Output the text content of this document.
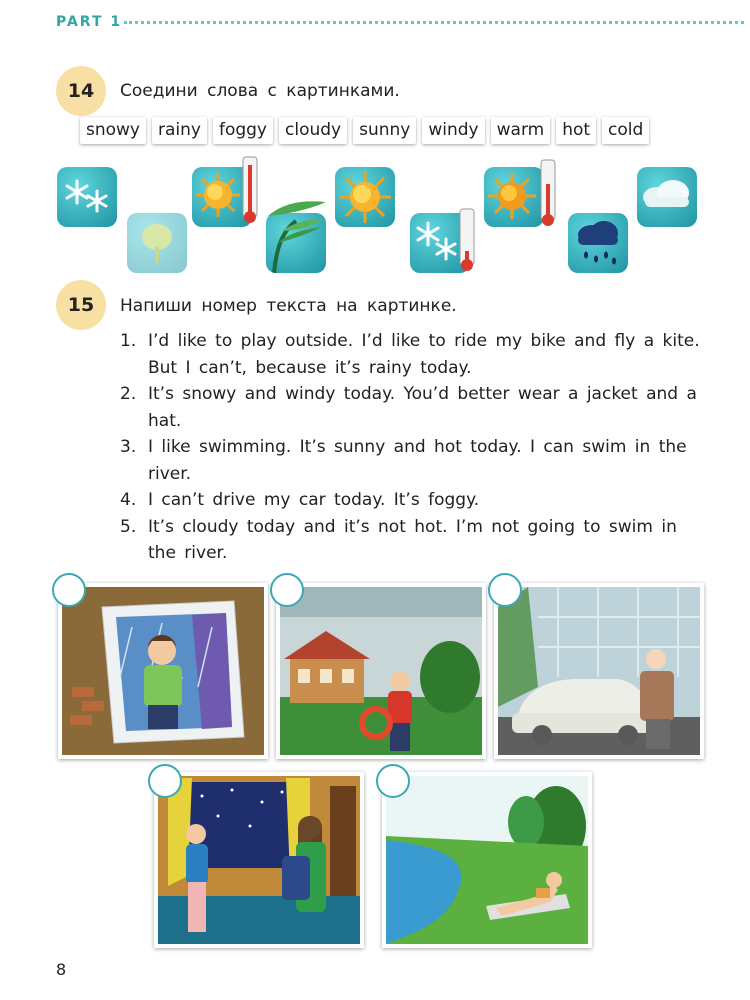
PART 1
14	Соедини слова с картинками.
snowy	rainy	foggy	cloudy	sunny	windy	warm	hot	cold
15	Напиши номер текста на картинке.
1. I’d like to play outside. I’d like to ride my bike and fly a kite. But I can’t, because it’s rainy today.
2. It’s snowy and windy today. You’d better wear a jacket and a hat.
3. I like swimming. It’s sunny and hot today. I can swim in the river.
4. I can’t drive my car today. It’s foggy.
5. It’s cloudy today and it’s not hot. I’m not going to swim in the river.
8
